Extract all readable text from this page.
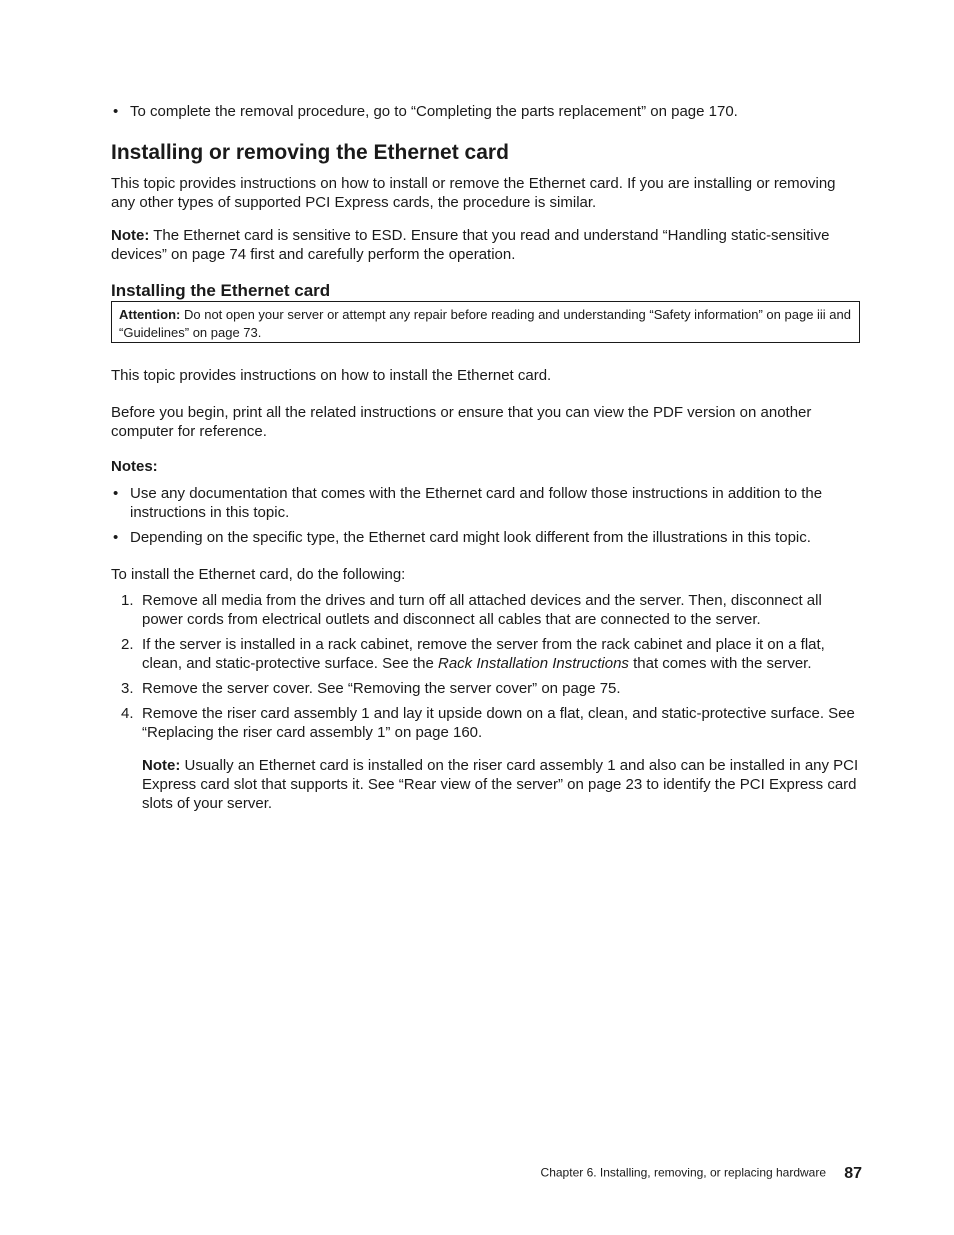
• To complete the removal procedure, go to “Completing the parts replacement” on page 170.

Installing or removing the Ethernet card

This topic provides instructions on how to install or remove the Ethernet card. If you are installing or removing any other types of supported PCI Express cards, the procedure is similar.

Note: The Ethernet card is sensitive to ESD. Ensure that you read and understand “Handling static-sensitive devices” on page 74 first and carefully perform the operation.

Installing the Ethernet card
Attention: Do not open your server or attempt any repair before reading and understanding “Safety information” on page iii and “Guidelines” on page 73.

This topic provides instructions on how to install the Ethernet card.

Before you begin, print all the related instructions or ensure that you can view the PDF version on another computer for reference.

Notes:

• Use any documentation that comes with the Ethernet card and follow those instructions in addition to the instructions in this topic.

• Depending on the specific type, the Ethernet card might look different from the illustrations in this topic.

To install the Ethernet card, do the following:

1. Remove all media from the drives and turn off all attached devices and the server. Then, disconnect all power cords from electrical outlets and disconnect all cables that are connected to the server.
2. If the server is installed in a rack cabinet, remove the server from the rack cabinet and place it on a flat, clean, and static-protective surface. See the Rack Installation Instructions that comes with the server.
3. Remove the server cover. See “Removing the server cover” on page 75.
4. Remove the riser card assembly 1 and lay it upside down on a flat, clean, and static-protective surface. See “Replacing the riser card assembly 1” on page 160.

Note: Usually an Ethernet card is installed on the riser card assembly 1 and also can be installed in any PCI Express card slot that supports it. See “Rear view of the server” on page 23 to identify the PCI Express card slots of your server.

Chapter 6. Installing, removing, or replacing hardware 87
